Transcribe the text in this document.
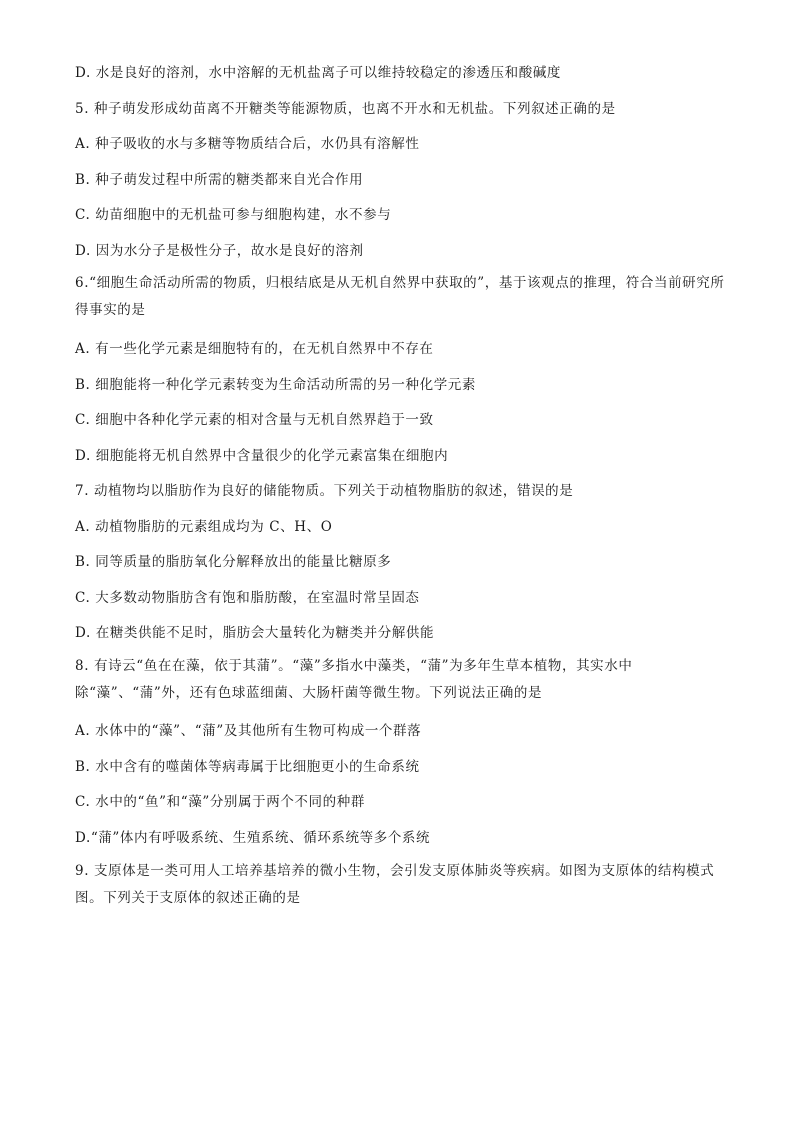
D. 水是良好的溶剂，水中溶解的无机盐离子可以维持较稳定的渗透压和酸碱度
5. 种子萌发形成幼苗离不开糖类等能源物质，也离不开水和无机盐。下列叙述正确的是
A. 种子吸收的水与多糖等物质结合后，水仍具有溶解性
B. 种子萌发过程中所需的糖类都来自光合作用
C. 幼苗细胞中的无机盐可参与细胞构建，水不参与
D. 因为水分子是极性分子，故水是良好的溶剂
6.“细胞生命活动所需的物质，归根结底是从无机自然界中获取的”，基于该观点的推理，符合当前研究所得事实的是
A. 有一些化学元素是细胞特有的，在无机自然界中不存在
B. 细胞能将一种化学元素转变为生命活动所需的另一种化学元素
C. 细胞中各种化学元素的相对含量与无机自然界趋于一致
D. 细胞能将无机自然界中含量很少的化学元素富集在细胞内
7. 动植物均以脂肪作为良好的储能物质。下列关于动植物脂肪的叙述，错误的是
A. 动植物脂肪的元素组成均为 C、H、O
B. 同等质量的脂肪氧化分解释放出的能量比糖原多
C. 大多数动物脂肪含有饱和脂肪酸，在室温时常呈固态
D. 在糖类供能不足时，脂肪会大量转化为糖类并分解供能
8. 有诗云“鱼在在藻，依于其蒲”。“藻”多指水中藻类，“蒲”为多年生草本植物，其实水中除“藻”、“蒲”外，还有色球蓝细菌、大肠杆菌等微生物。下列说法正确的是
A. 水体中的“藻”、“蒲”及其他所有生物可构成一个群落
B. 水中含有的噬菌体等病毒属于比细胞更小的生命系统
C. 水中的“鱼”和“藻”分别属于两个不同的种群
D.“蒲”体内有呼吸系统、生殖系统、循环系统等多个系统
9. 支原体是一类可用人工培养基培养的微小生物，会引发支原体肺炎等疾病。如图为支原体的结构模式图。下列关于支原体的叙述正确的是
